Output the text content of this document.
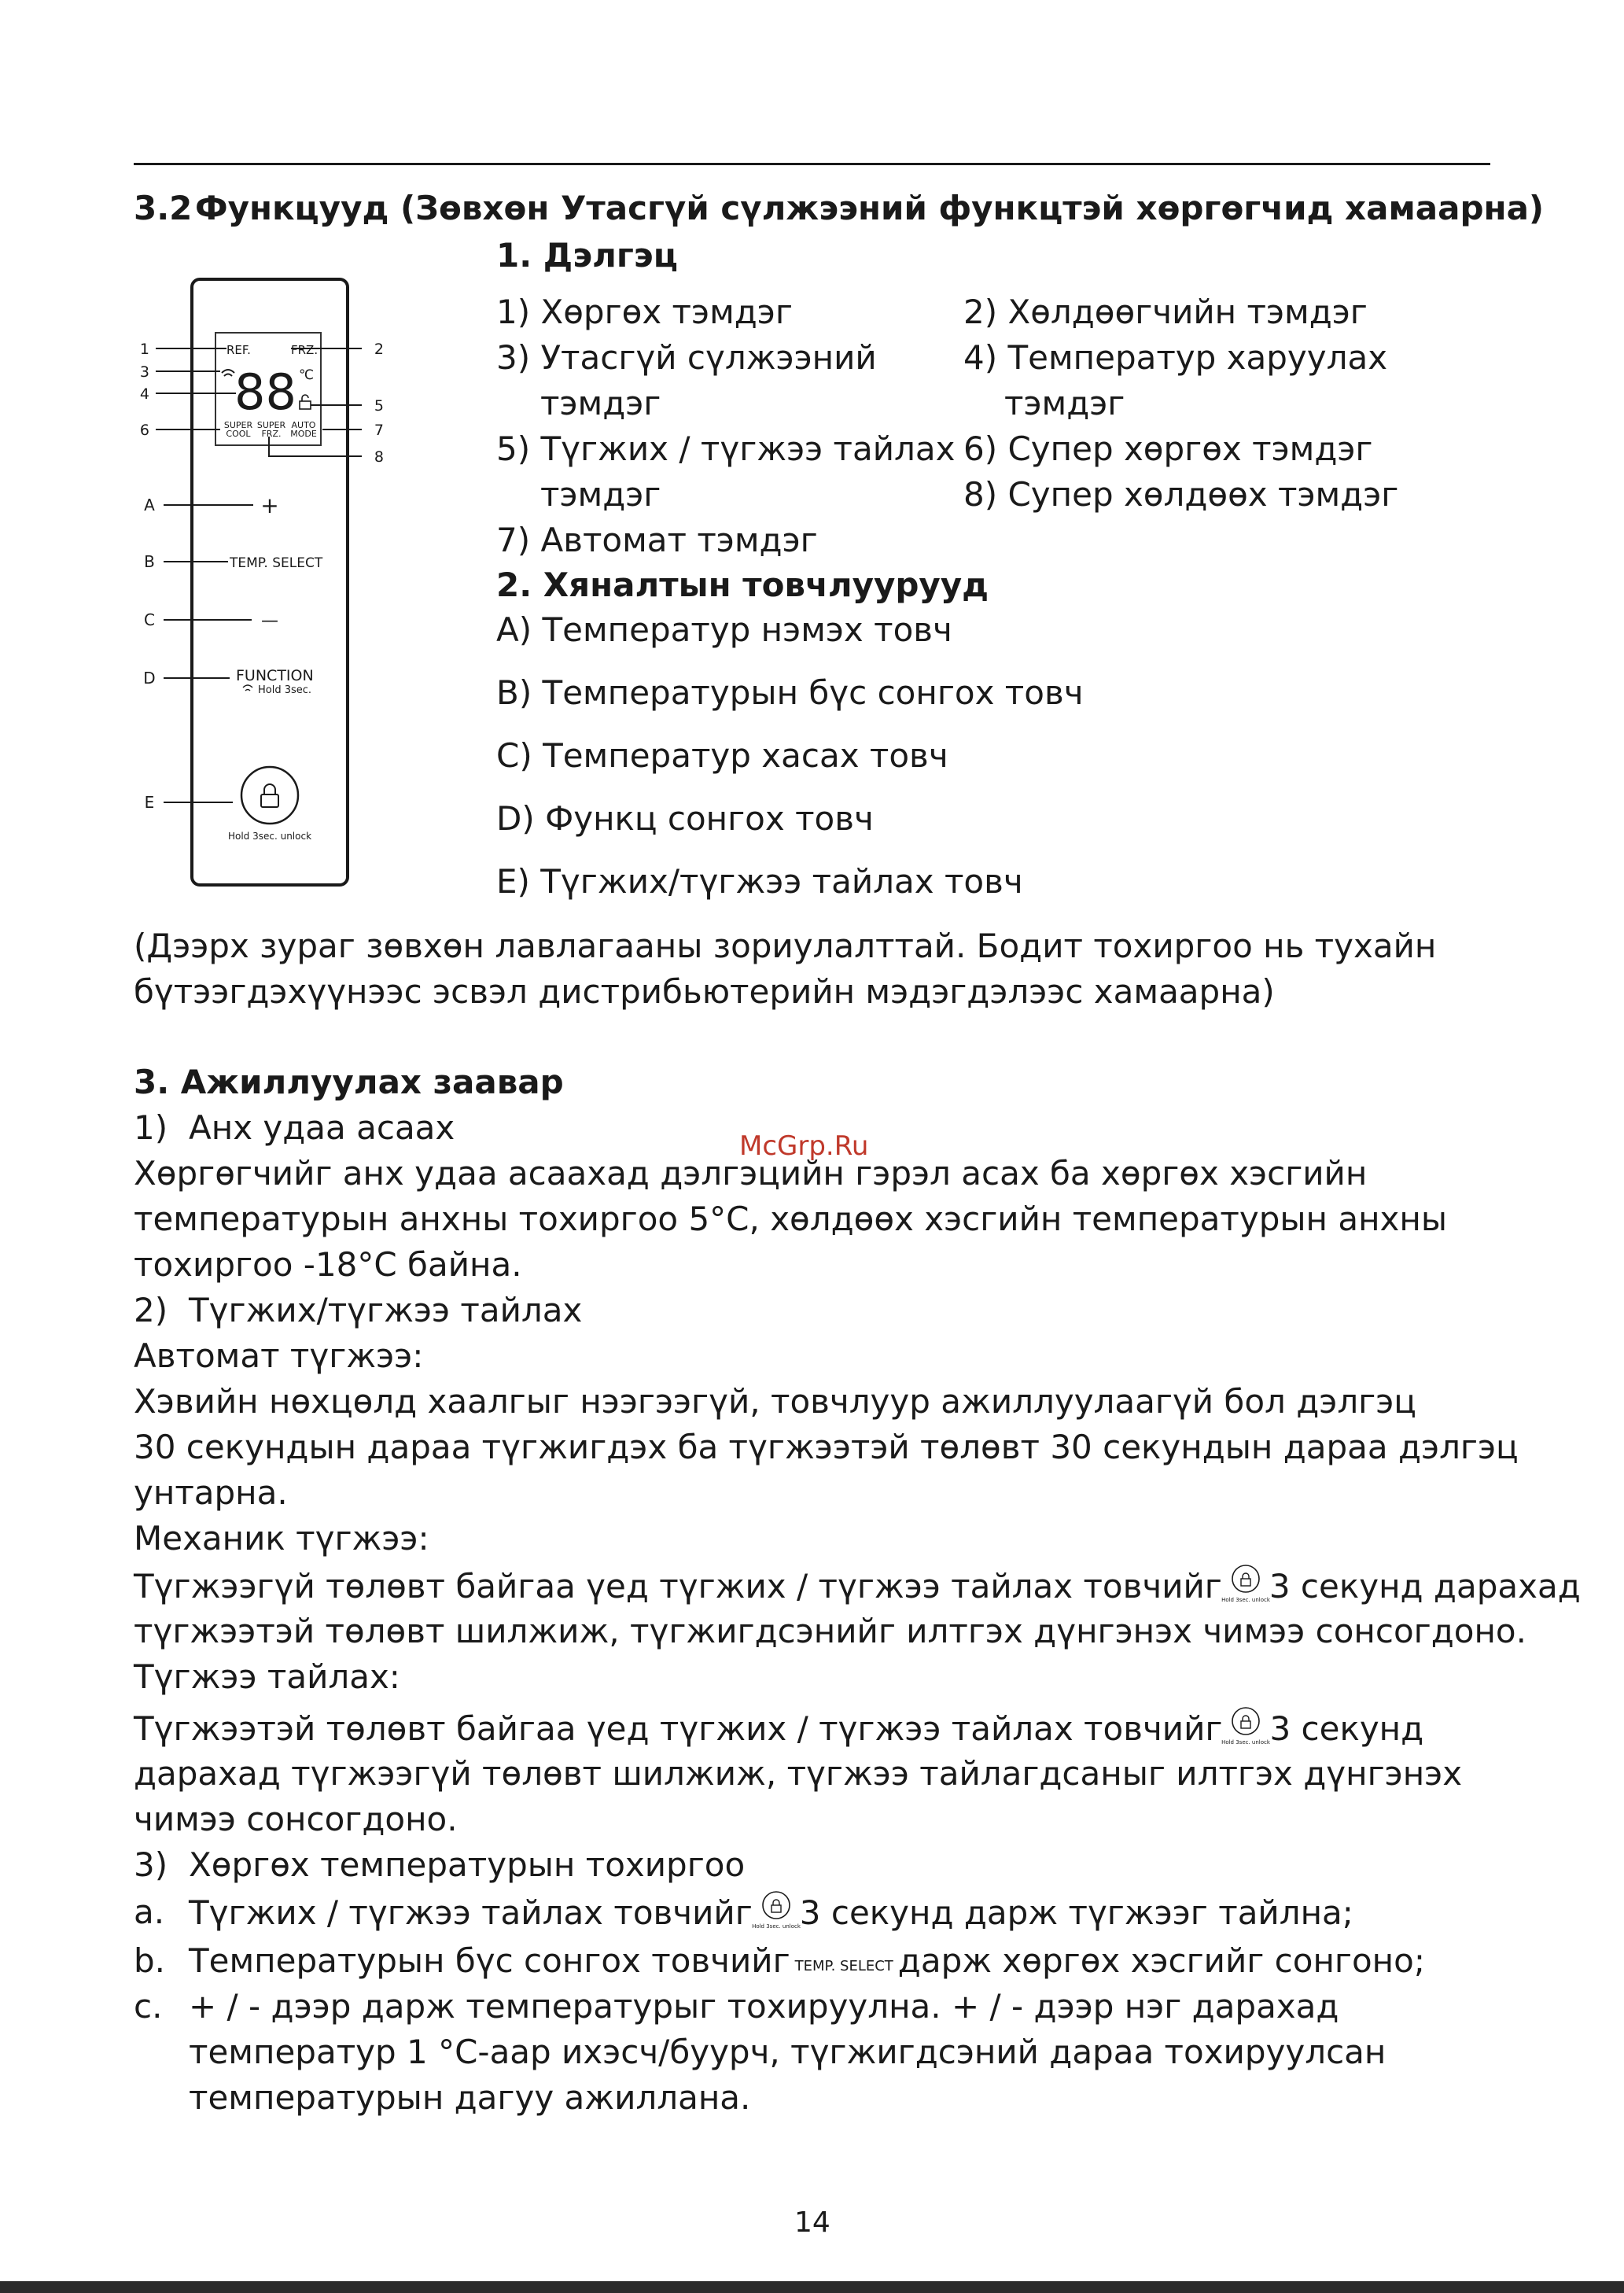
3.2Функцууд (Зөвхөн Утасгүй сүлжээний функцтэй хөргөгчид хамаарна)
1	2
3
4
5
6	7
8
REF.	FRZ.
88 ℃
SUPER
COOL
SUPER
FRZ.
AUTO
MODE
A
B
C
D
E
+
TEMP. SELECT
—
FUNCTION
Hold 3sec.
Hold 3sec. unlock
1. Дэлгэц
1) Хөргөх тэмдэг
3) Утасгүй сүлжээний
тэмдэг
5) Түгжих / түгжээ тайлах
тэмдэг
7) Автомат тэмдэг
2) Хөлдөөгчийн тэмдэг
4) Температур харуулах
тэмдэг
6) Супер хөргөх тэмдэг
8) Супер хөлдөөх тэмдэг
2. Хяналтын товчлуурууд
A) Температур нэмэх товч
B) Температурын бүс сонгох товч
C) Температур хасах товч
D) Функц сонгох товч
E) Түгжих/түгжээ тайлах товч
(Дээрх зураг зөвхөн лавлагааны зориулалттай. Бодит тохиргоо нь тухайн
бүтээгдэхүүнээс эсвэл дистрибьютерийн мэдэгдэлээс хамаарна)
3. Ажиллуулах заавар
1) Анх удаа асаах
Хөргөгчийг анх удаа асаахад дэлгэцийн гэрэл асах ба хөргөх хэсгийн
температурын анхны тохиргоо 5°C, хөлдөөх хэсгийн температурын анхны
тохиргоо -18°C байна.
2) Түгжих/түгжээ тайлах
Автомат түгжээ:
Хэвийн нөхцөлд хаалгыг нээгээгүй, товчлуур ажиллуулаагүй бол дэлгэц
30 секундын дараа түгжигдэх ба түгжээтэй төлөвт 30 секундын дараа дэлгэц
унтарна.
Механик түгжээ:
Түгжээгүй төлөвт байгаа үед түгжих / түгжээ тайлах товчийг Hold 3sec. unlock 3 секунд дарахад
түгжээтэй төлөвт шилжиж, түгжигдсэнийг илтгэх дүнгэнэх чимээ сонсогдоно.
Түгжээ тайлах:
Түгжээтэй төлөвт байгаа үед түгжих / түгжээ тайлах товчийг Hold 3sec. unlock 3 секунд
дарахад түгжээгүй төлөвт шилжиж, түгжээ тайлагдсаныг илтгэх дүнгэнэх
чимээ сонсогдоно.
3) Хөргөх температурын тохиргоо
a. Түгжих / түгжээ тайлах товчийг Hold 3sec. unlock 3 секунд дарж түгжээг тайлна;
b. Температурын бүс сонгох товчийг TEMP. SELECT дарж хөргөх хэсгийг сонгоно;
c. + / - дээр дарж температурыг тохируулна. + / - дээр нэг дарахад
температур 1 °C-аар ихэсч/буурч, түгжигдсэний дараа тохируулсан
температурын дагуу ажиллана.
McGrp.Ru
14
